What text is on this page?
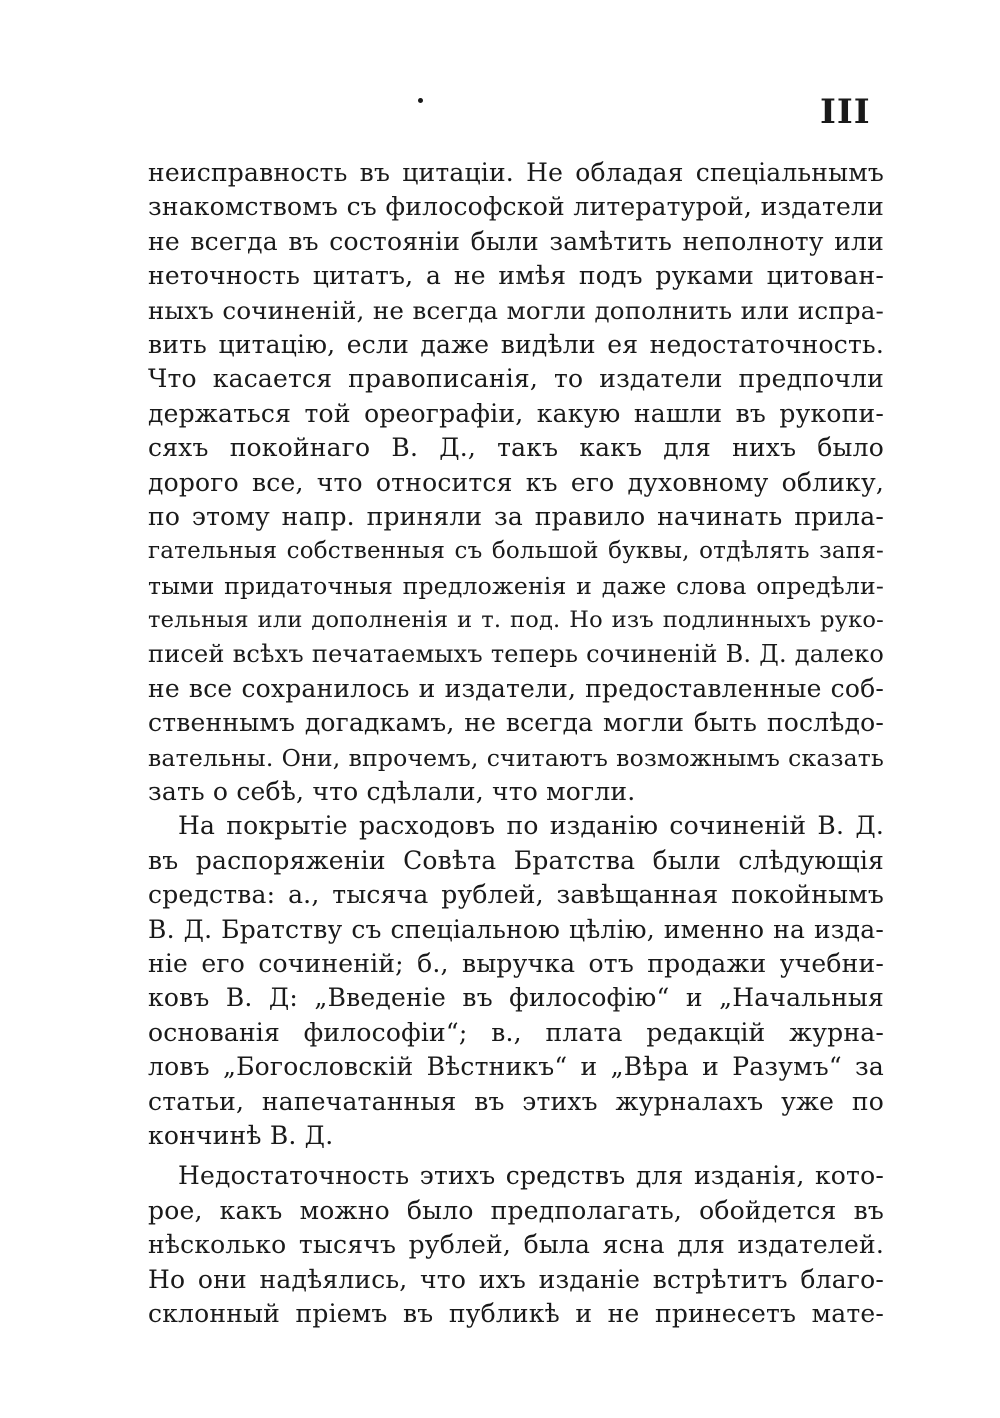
III
неисправность въ цитаціи. Не обладая спеціальнымъ
знакомствомъ съ философской литературой, издатели
не всегда въ состояніи были замѣтить неполноту или
неточность цитатъ, а не имѣя подъ руками цитован-
ныхъ сочиненій, не всегда могли дополнить или испра-
вить цитацію, если даже видѣли ея недостаточность.
Что касается правописанія, то издатели предпочли
держаться той ореографіи, какую нашли въ рукопи-
сяхъ покойнаго В. Д., такъ какъ для нихъ было
дорого все, что относится къ его духовному облику,
по этому напр. приняли за правило начинать прила-
гательныя собственныя съ большой буквы, отдѣлять запя-
тыми придаточныя предложенія и даже слова опредѣли-
тельныя или дополненія и т. под. Но изъ подлинныхъ руко-
писей всѣхъ печатаемыхъ теперь сочиненій В. Д. далеко
не все сохранилось и издатели, предоставленные соб-
ственнымъ догадкамъ, не всегда могли быть послѣдо-
вательны. Они, впрочемъ, считаютъ возможнымъ сказать
зать о себѣ, что сдѣлали, что могли.
На покрытіе расходовъ по изданію сочиненій В. Д.
въ распоряженіи Совѣта Братства были слѣдующія
средства: а., тысяча рублей, завѣщанная покойнымъ
В. Д. Братству съ спеціальною цѣлію, именно на изда-
ніе его сочиненій; б., выручка отъ продажи учебни-
ковъ В. Д: „Введеніе въ философію“ и „Начальныя
основанія философіи“; в., плата редакцій журна-
ловъ „Богословскій Вѣстникъ“ и „Вѣра и Разумъ“ за
статьи, напечатанныя въ этихъ журналахъ уже по
кончинѣ В. Д.
Недостаточность этихъ средствъ для изданія, кото-
рое, какъ можно было предполагать, обойдется въ
нѣсколько тысячъ рублей, была ясна для издателей.
Но они надѣялись, что ихъ изданіе встрѣтитъ благо-
склонный пріемъ въ публикѣ и не принесетъ мате-
